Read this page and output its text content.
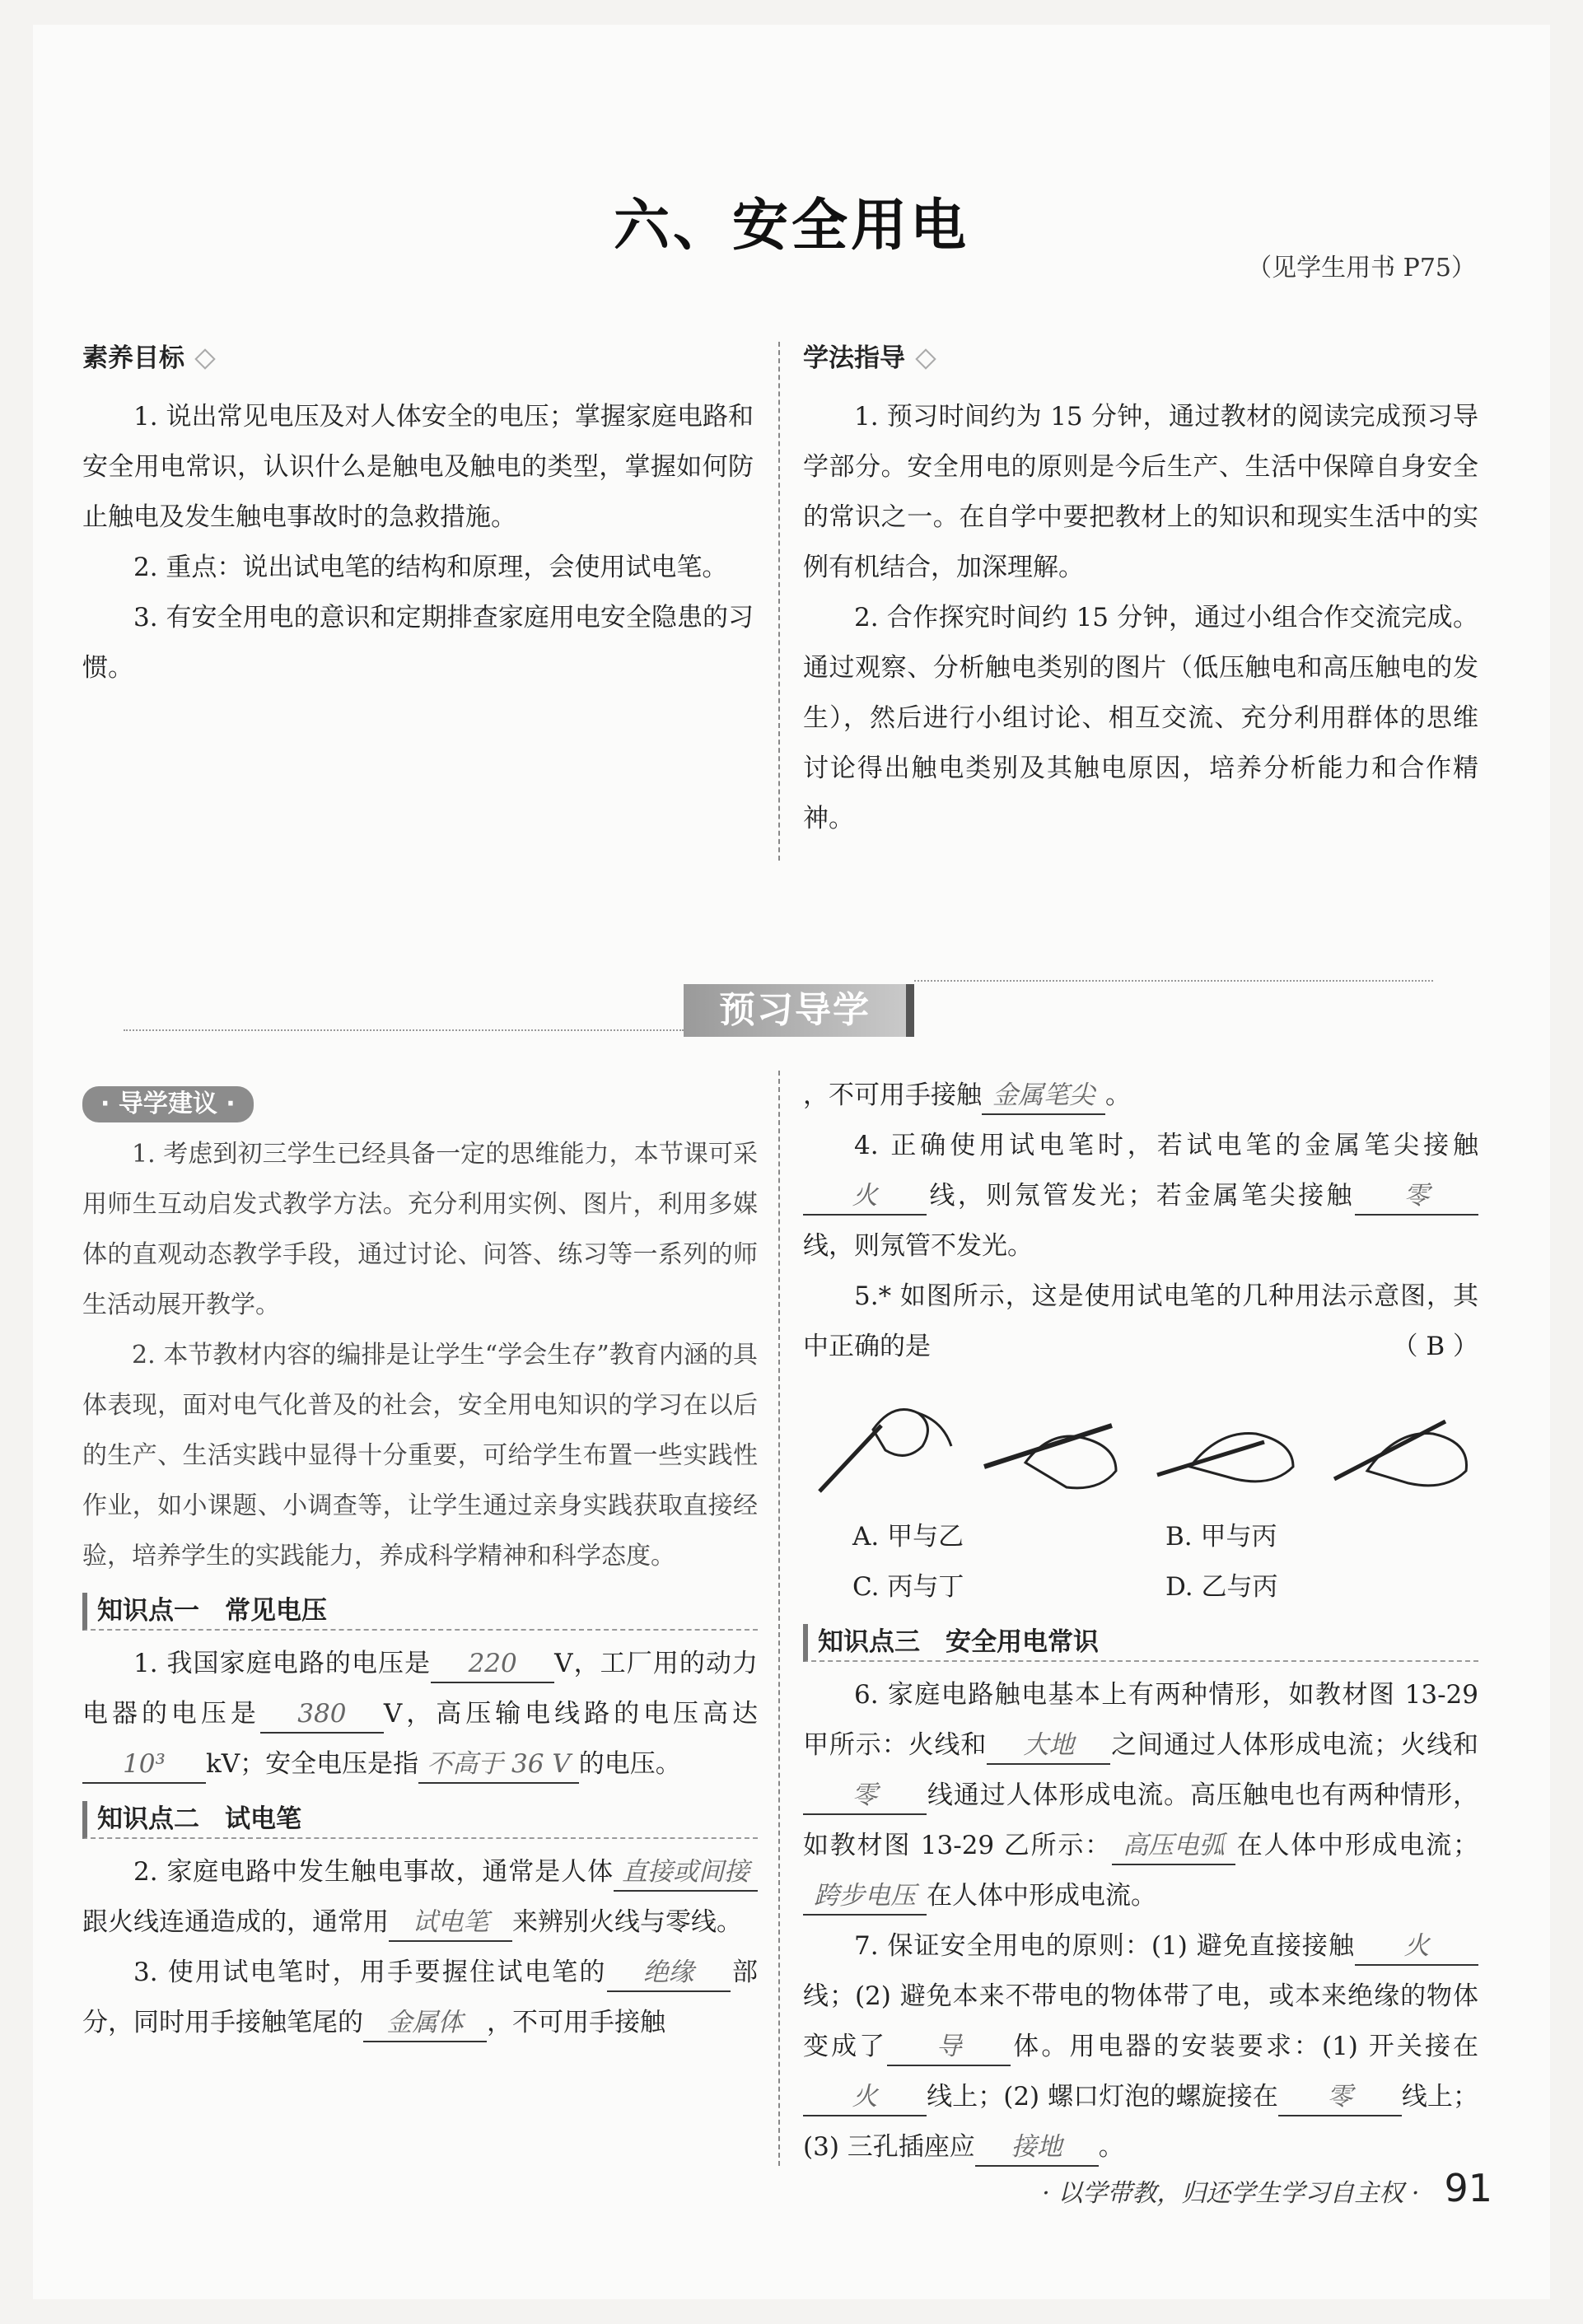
六、安全用电
（见学生用书 P75）
素养目标

1. 说出常见电压及对人体安全的电压；掌握家庭电路和安全用电常识，认识什么是触电及触电的类型，掌握如何防止触电及发生触电事故时的急救措施。

2. 重点：说出试电笔的结构和原理，会使用试电笔。

3. 有安全用电的意识和定期排查家庭用电安全隐患的习惯。

学法指导

1. 预习时间约为 15 分钟，通过教材的阅读完成预习导学部分。安全用电的原则是今后生产、生活中保障自身安全的常识之一。在自学中要把教材上的知识和现实生活中的实例有机结合，加深理解。

2. 合作探究时间约 15 分钟，通过小组合作交流完成。通过观察、分析触电类别的图片（低压触电和高压触电的发生），然后进行小组讨论、相互交流、充分利用群体的思维讨论得出触电类别及其触电原因，培养分析能力和合作精神。

预习导学
· 导学建议 ·

1. 考虑到初三学生已经具备一定的思维能力，本节课可采用师生互动启发式教学方法。充分利用实例、图片，利用多媒体的直观动态教学手段，通过讨论、问答、练习等一系列的师生活动展开教学。

2. 本节教材内容的编排是让学生“学会生存”教育内涵的具体表现，面对电气化普及的社会，安全用电知识的学习在以后的生产、生活实践中显得十分重要，可给学生布置一些实践性作业，如小课题、小调查等，让学生通过亲身实践获取直接经验，培养学生的实践能力，养成科学精神和科学态度。

知识点一　常见电压

1. 我国家庭电路的电压是 220 V，工厂用的动力电器的电压是 380 V，高压输电线路的电压高达10³ kV；安全电压是指 不高于 36 V 的电压。

知识点二　试电笔

2. 家庭电路中发生触电事故，通常是人体 直接或间接跟火线连通造成的，通常用 试电笔 来辨别火线与零线。

3. 使用试电笔时，用手要握住试电笔的 绝缘 部分，同时用手接触笔尾的 金属体 ，不可用手接触

，不可用手接触 金属笔尖 。

4. 正确使用试电笔时，若试电笔的金属笔尖接触火 线，则氖管发光；若金属笔尖接触 零线，则氖管不发光。

5.* 如图所示，这是使用试电笔的几种用法示意图，其中正确的是	（ B ）

A. 甲与乙	B. 甲与丙
C. 丙与丁	D. 乙与丙
知识点三　安全用电常识

6. 家庭电路触电基本上有两种情形，如教材图 13-29 甲所示：火线和 大地 之间通过人体形成电流；火线和零 线通过人体形成电流。高压触电也有两种情形，如教材图 13-29 乙所示： 高压电弧 在人体中形成电流；跨步电压 在人体中形成电流。

7. 保证安全用电的原则：(1) 避免直接接触 火线；(2) 避免本来不带电的物体带了电，或本来绝缘的物体变成了 导 体。用电器的安装要求：(1) 开关接在火 线上；(2) 螺口灯泡的螺旋接在 零 线上；(3) 三孔插座应 接地 。

· 以学带教，归还学生学习自主权 · 91
